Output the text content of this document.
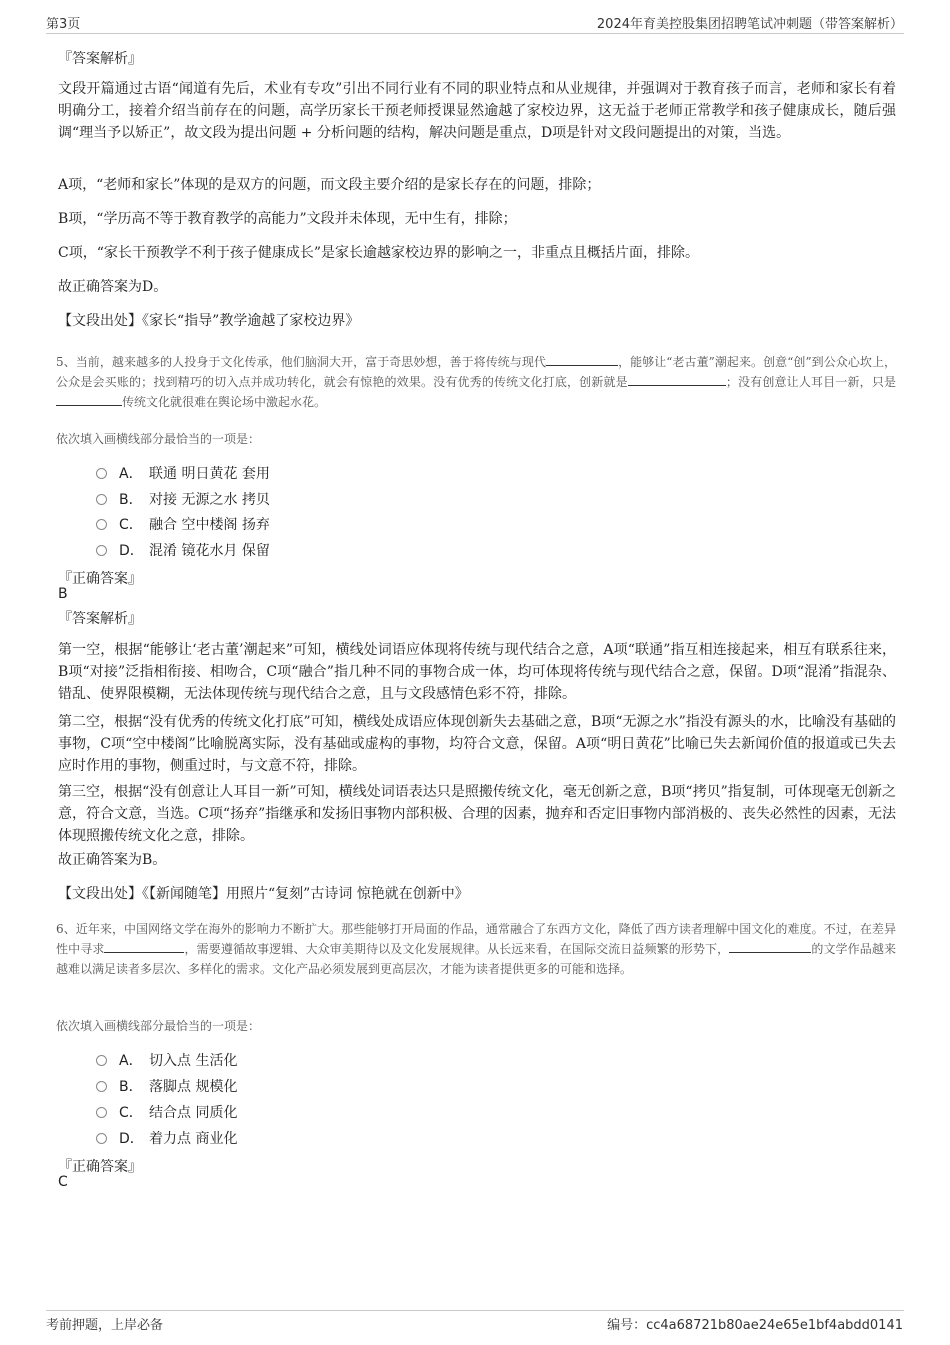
第3页	2024年育美控股集团招聘笔试冲刺题（带答案解析）
『答案解析』
文段开篇通过古语“闻道有先后，术业有专攻”引出不同行业有不同的职业特点和从业规律，并强调对于教育孩子而言，老师和家长有着明确分工，接着介绍当前存在的问题，高学历家长干预老师授课显然逾越了家校边界，这无益于老师正常教学和孩子健康成长，随后强调“理当予以矫正”，故文段为提出问题 + 分析问题的结构，解决问题是重点，D项是针对文段问题提出的对策，当选。
A项，“老师和家长”体现的是双方的问题，而文段主要介绍的是家长存在的问题，排除；
B项，“学历高不等于教育教学的高能力”文段并未体现，无中生有，排除；
C项，“家长干预教学不利于孩子健康成长”是家长逾越家校边界的影响之一，非重点且概括片面，排除。
故正确答案为D。
【文段出处】《家长“指导”教学逾越了家校边界》
5、当前，越来越多的人投身于文化传承，他们脑洞大开，富于奇思妙想，善于将传统与现代	，能够让“老古董”潮起来。创意“创”到公众心坎上，公众是会买账的；找到精巧的切入点并成功转化，就会有惊艳的效果。没有优秀的传统文化打底，创新就是	；没有创意让人耳目一新，只是传统文化就很难在舆论场中激起水花。
依次填入画横线部分最恰当的一项是：
A． 联通 明日黄花 套用
B． 对接 无源之水 拷贝
C． 融合 空中楼阁 扬弃
D． 混淆 镜花水月 保留
『正确答案』
B
『答案解析』
第一空，根据“能够让‘老古董’潮起来”可知，横线处词语应体现将传统与现代结合之意，A项“联通”指互相连接起来，相互有联系往来，B项“对接”泛指相衔接、相吻合，C项“融合”指几种不同的事物合成一体，均可体现将传统与现代结合之意，保留。D项“混淆”指混杂、错乱、使界限模糊，无法体现传统与现代结合之意，且与文段感情色彩不符，排除。
第二空，根据“没有优秀的传统文化打底”可知，横线处成语应体现创新失去基础之意，B项“无源之水”指没有源头的水，比喻没有基础的事物，C项“空中楼阁”比喻脱离实际，没有基础或虚构的事物，均符合文意，保留。A项“明日黄花”比喻已失去新闻价值的报道或已失去应时作用的事物，侧重过时，与文意不符，排除。
第三空，根据“没有创意让人耳目一新”可知，横线处词语表达只是照搬传统文化，毫无创新之意，B项“拷贝”指复制，可体现毫无创新之意，符合文意，当选。C项“扬弃”指继承和发扬旧事物内部积极、合理的因素，抛弃和否定旧事物内部消极的、丧失必然性的因素，无法体现照搬传统文化之意，排除。
故正确答案为B。
【文段出处】《【新闻随笔】用照片“复刻”古诗词 惊艳就在创新中》
6、近年来，中国网络文学在海外的影响力不断扩大。那些能够打开局面的作品，通常融合了东西方文化，降低了西方读者理解中国文化的难度。不过，在差异性中寻求	，需要遵循故事逻辑、大众审美期待以及文化发展规律。从长远来看，在国际交流日益频繁的形势下，	的文学作品越来越难以满足读者多层次、多样化的需求。文化产品必须发展到更高层次，才能为读者提供更多的可能和选择。
依次填入画横线部分最恰当的一项是：
A． 切入点 生活化
B． 落脚点 规模化
C． 结合点 同质化
D． 着力点 商业化
『正确答案』
C
考前押题，上岸必备	编号：cc4a68721b80ae24e65e1bf4abdd0141
